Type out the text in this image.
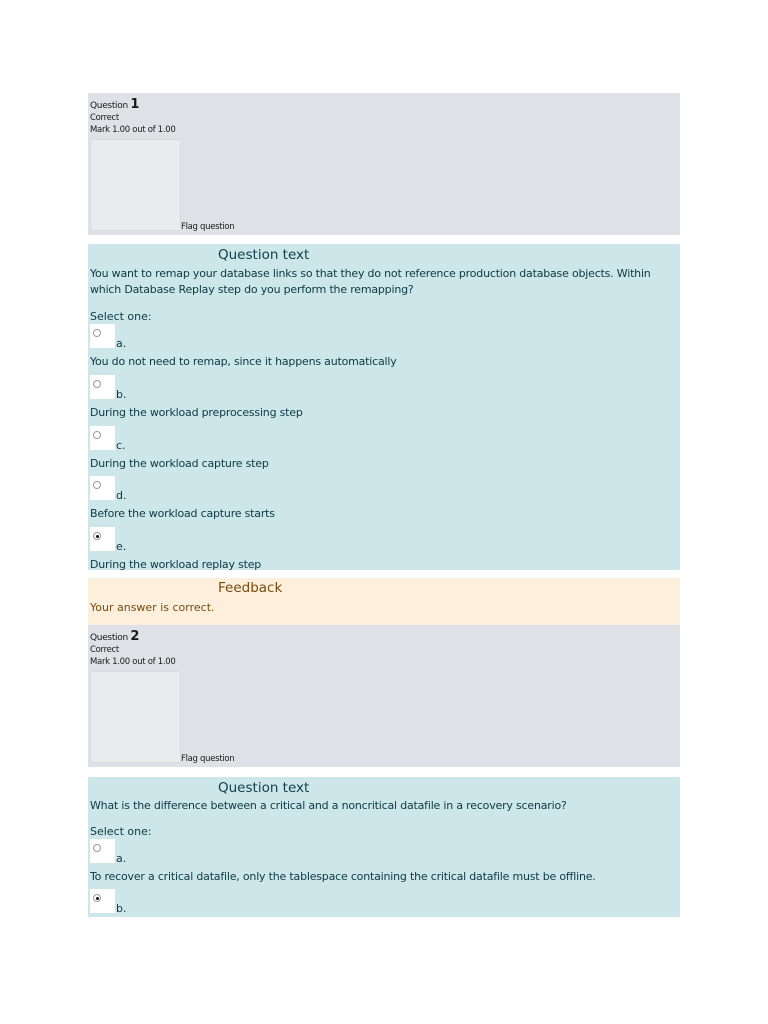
Question 1
Correct
Mark 1.00 out of 1.00
Flag question
Question text
You want to remap your database links so that they do not reference production database objects. Within which Database Replay step do you perform the remapping?
Select one:
a.
You do not need to remap, since it happens automatically
b.
During the workload preprocessing step
c.
During the workload capture step
d.
Before the workload capture starts
e.
During the workload replay step
Feedback
Your answer is correct.
Question 2
Correct
Mark 1.00 out of 1.00
Flag question
Question text
What is the difference between a critical and a noncritical datafile in a recovery scenario?
Select one:
a.
To recover a critical datafile, only the tablespace containing the critical datafile must be offline.
b.
